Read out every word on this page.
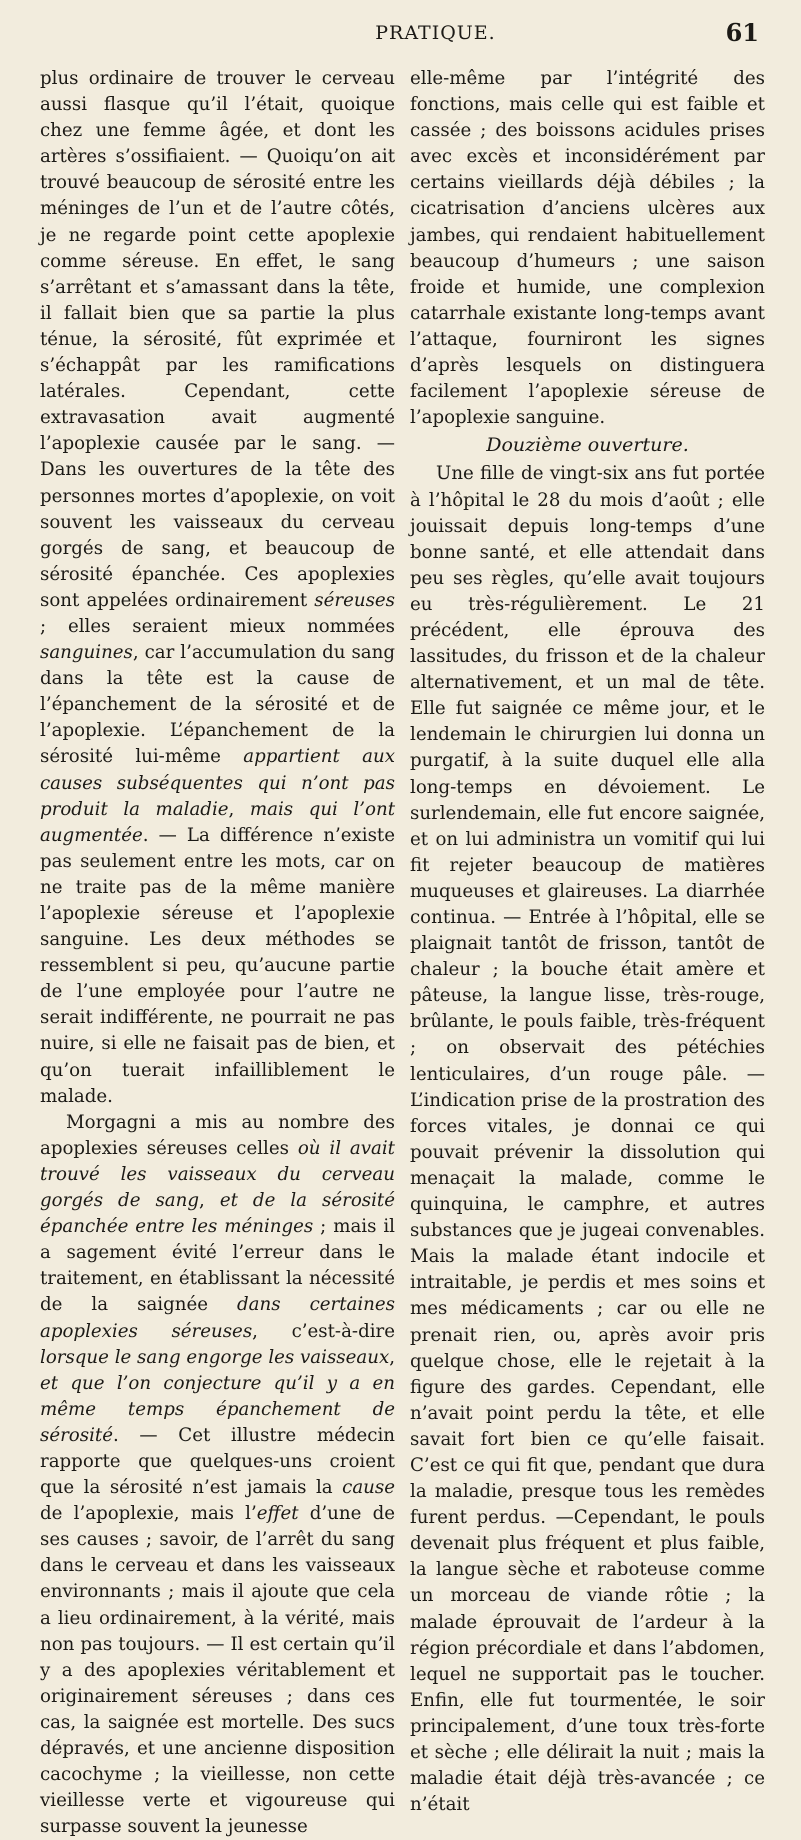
PRATIQUE.	61

plus ordinaire de trouver le cerveau aussi flasque qu’il l’était, quoique chez une femme âgée, et dont les artères s’ossifiaient. — Quoiqu’on ait trouvé beaucoup de sérosité entre les méninges de l’un et de l’autre côtés, je ne regarde point cette apoplexie comme séreuse. En effet, le sang s’arrêtant et s’amassant dans la tête, il fallait bien que sa partie la plus ténue, la sérosité, fût exprimée et s’échappât par les ramifications latérales. Cependant, cette extravasation avait augmenté l’apoplexie causée par le sang. — Dans les ouvertures de la tête des personnes mortes d’apoplexie, on voit souvent les vaisseaux du cerveau gorgés de sang, et beaucoup de sérosité épanchée. Ces apoplexies sont appelées ordinairement séreuses ; elles seraient mieux nommées sanguines, car l’accumulation du sang dans la tête est la cause de l’épanchement de la sérosité et de l’apoplexie. L’épanchement de la sérosité lui-même appartient aux causes subséquentes qui n’ont pas produit la maladie, mais qui l’ont augmentée. — La différence n’existe pas seulement entre les mots, car on ne traite pas de la même manière l’apoplexie séreuse et l’apoplexie sanguine. Les deux méthodes se ressemblent si peu, qu’aucune partie de l’une employée pour l’autre ne serait indifférente, ne pourrait ne pas nuire, si elle ne faisait pas de bien, et qu’on tuerait infailliblement le malade.

Morgagni a mis au nombre des apoplexies séreuses celles où il avait trouvé les vaisseaux du cerveau gorgés de sang, et de la sérosité épanchée entre les méninges ; mais il a sagement évité l’erreur dans le traitement, en établissant la nécessité de la saignée dans certaines apoplexies séreuses, c’est-à-dire lorsque le sang engorge les vaisseaux, et que l’on conjecture qu’il y a en même temps épanchement de sérosité. — Cet illustre médecin rapporte que quelques-uns croient que la sérosité n’est jamais la cause de l’apoplexie, mais l’effet d’une de ses causes ; savoir, de l’arrêt du sang dans le cerveau et dans les vaisseaux environnants ; mais il ajoute que cela a lieu ordinairement, à la vérité, mais non pas toujours. — Il est certain qu’il y a des apoplexies véritablement et originairement séreuses ; dans ces cas, la saignée est mortelle. Des sucs dépravés, et une ancienne disposition cacochyme ; la vieillesse, non cette vieillesse verte et vigoureuse qui surpasse souvent la jeunesse

elle-même par l’intégrité des fonctions, mais celle qui est faible et cassée ; des boissons acidules prises avec excès et inconsidérément par certains vieillards déjà débiles ; la cicatrisation d’anciens ulcères aux jambes, qui rendaient habituellement beaucoup d’humeurs ; une saison froide et humide, une complexion catarrhale existante long-temps avant l’attaque, fourniront les signes d’après lesquels on distinguera facilement l’apoplexie séreuse de l’apoplexie sanguine.

Douzième ouverture.

Une fille de vingt-six ans fut portée à l’hôpital le 28 du mois d’août ; elle jouissait depuis long-temps d’une bonne santé, et elle attendait dans peu ses règles, qu’elle avait toujours eu très-régulièrement. Le 21 précédent, elle éprouva des lassitudes, du frisson et de la chaleur alternativement, et un mal de tête. Elle fut saignée ce même jour, et le lendemain le chirurgien lui donna un purgatif, à la suite duquel elle alla long-temps en dévoiement. Le surlendemain, elle fut encore saignée, et on lui administra un vomitif qui lui fit rejeter beaucoup de matières muqueuses et glaireuses. La diarrhée continua. — Entrée à l’hôpital, elle se plaignait tantôt de frisson, tantôt de chaleur ; la bouche était amère et pâteuse, la langue lisse, très-rouge, brûlante, le pouls faible, très-fréquent ; on observait des pétéchies lenticulaires, d’un rouge pâle. — L’indication prise de la prostration des forces vitales, je donnai ce qui pouvait prévenir la dissolution qui menaçait la malade, comme le quinquina, le camphre, et autres substances que je jugeai convenables. Mais la malade étant indocile et intraitable, je perdis et mes soins et mes médicaments ; car ou elle ne prenait rien, ou, après avoir pris quelque chose, elle le rejetait à la figure des gardes. Cependant, elle n’avait point perdu la tête, et elle savait fort bien ce qu’elle faisait. C’est ce qui fit que, pendant que dura la maladie, presque tous les remèdes furent perdus. —Cependant, le pouls devenait plus fréquent et plus faible, la langue sèche et raboteuse comme un morceau de viande rôtie ; la malade éprouvait de l’ardeur à la région précordiale et dans l’abdomen, lequel ne supportait pas le toucher. Enfin, elle fut tourmentée, le soir principalement, d’une toux très-forte et sèche ; elle délirait la nuit ; mais la maladie était déjà très-avancée ; ce n’était
